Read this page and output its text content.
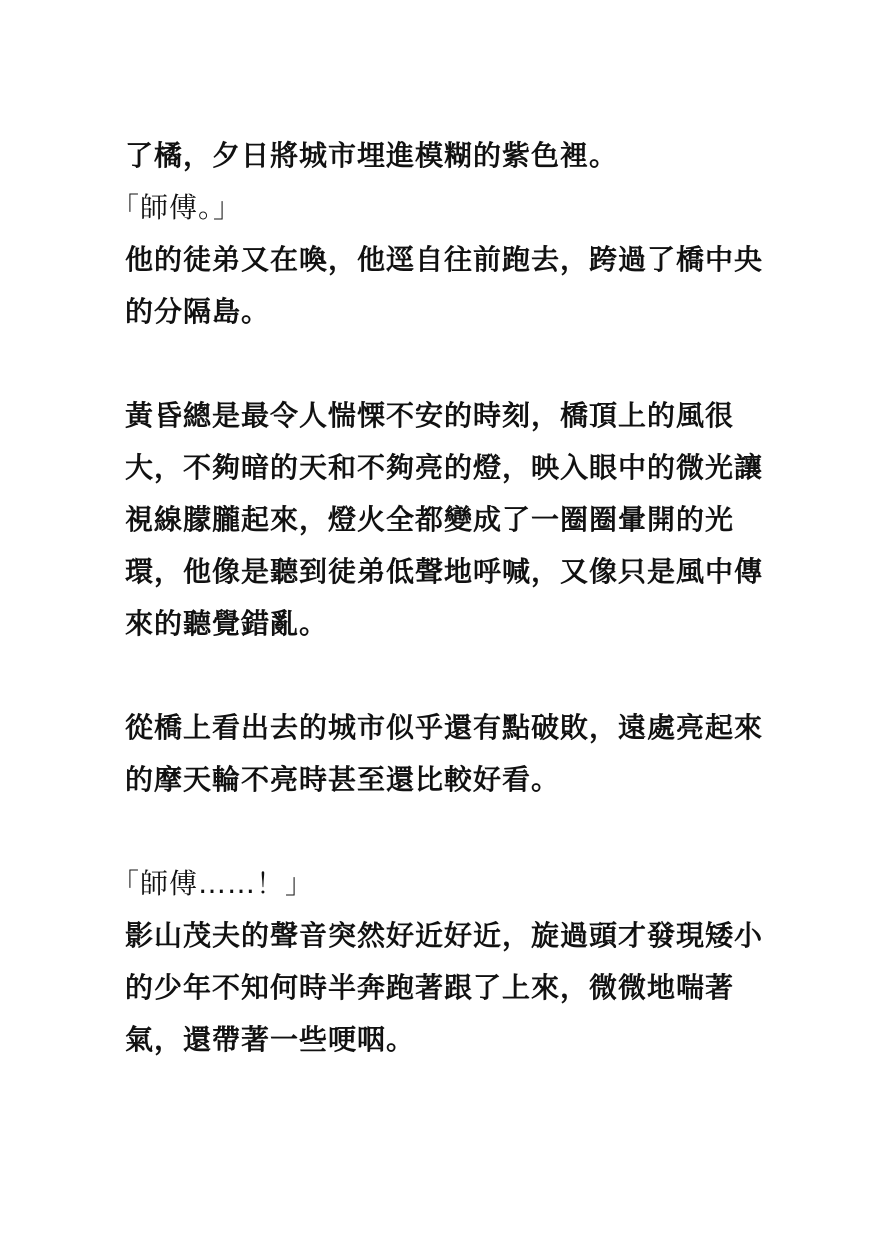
了橘，夕日將城市埋進模糊的紫色裡。
「師傅。」
他的徒弟又在喚，他逕自往前跑去，跨過了橋中央
的分隔島。
黃昏總是最令人惴慄不安的時刻，橋頂上的風很
大，不夠暗的天和不夠亮的燈，映入眼中的微光讓
視線朦朧起來，燈火全都變成了一圈圈暈開的光
環，他像是聽到徒弟低聲地呼喊，又像只是風中傳
來的聽覺錯亂。
從橋上看出去的城市似乎還有點破敗，遠處亮起來
的摩天輪不亮時甚至還比較好看。
「師傅……！」
影山茂夫的聲音突然好近好近，旋過頭才發現矮小
的少年不知何時半奔跑著跟了上來，微微地喘著
氣，還帶著一些哽咽。
